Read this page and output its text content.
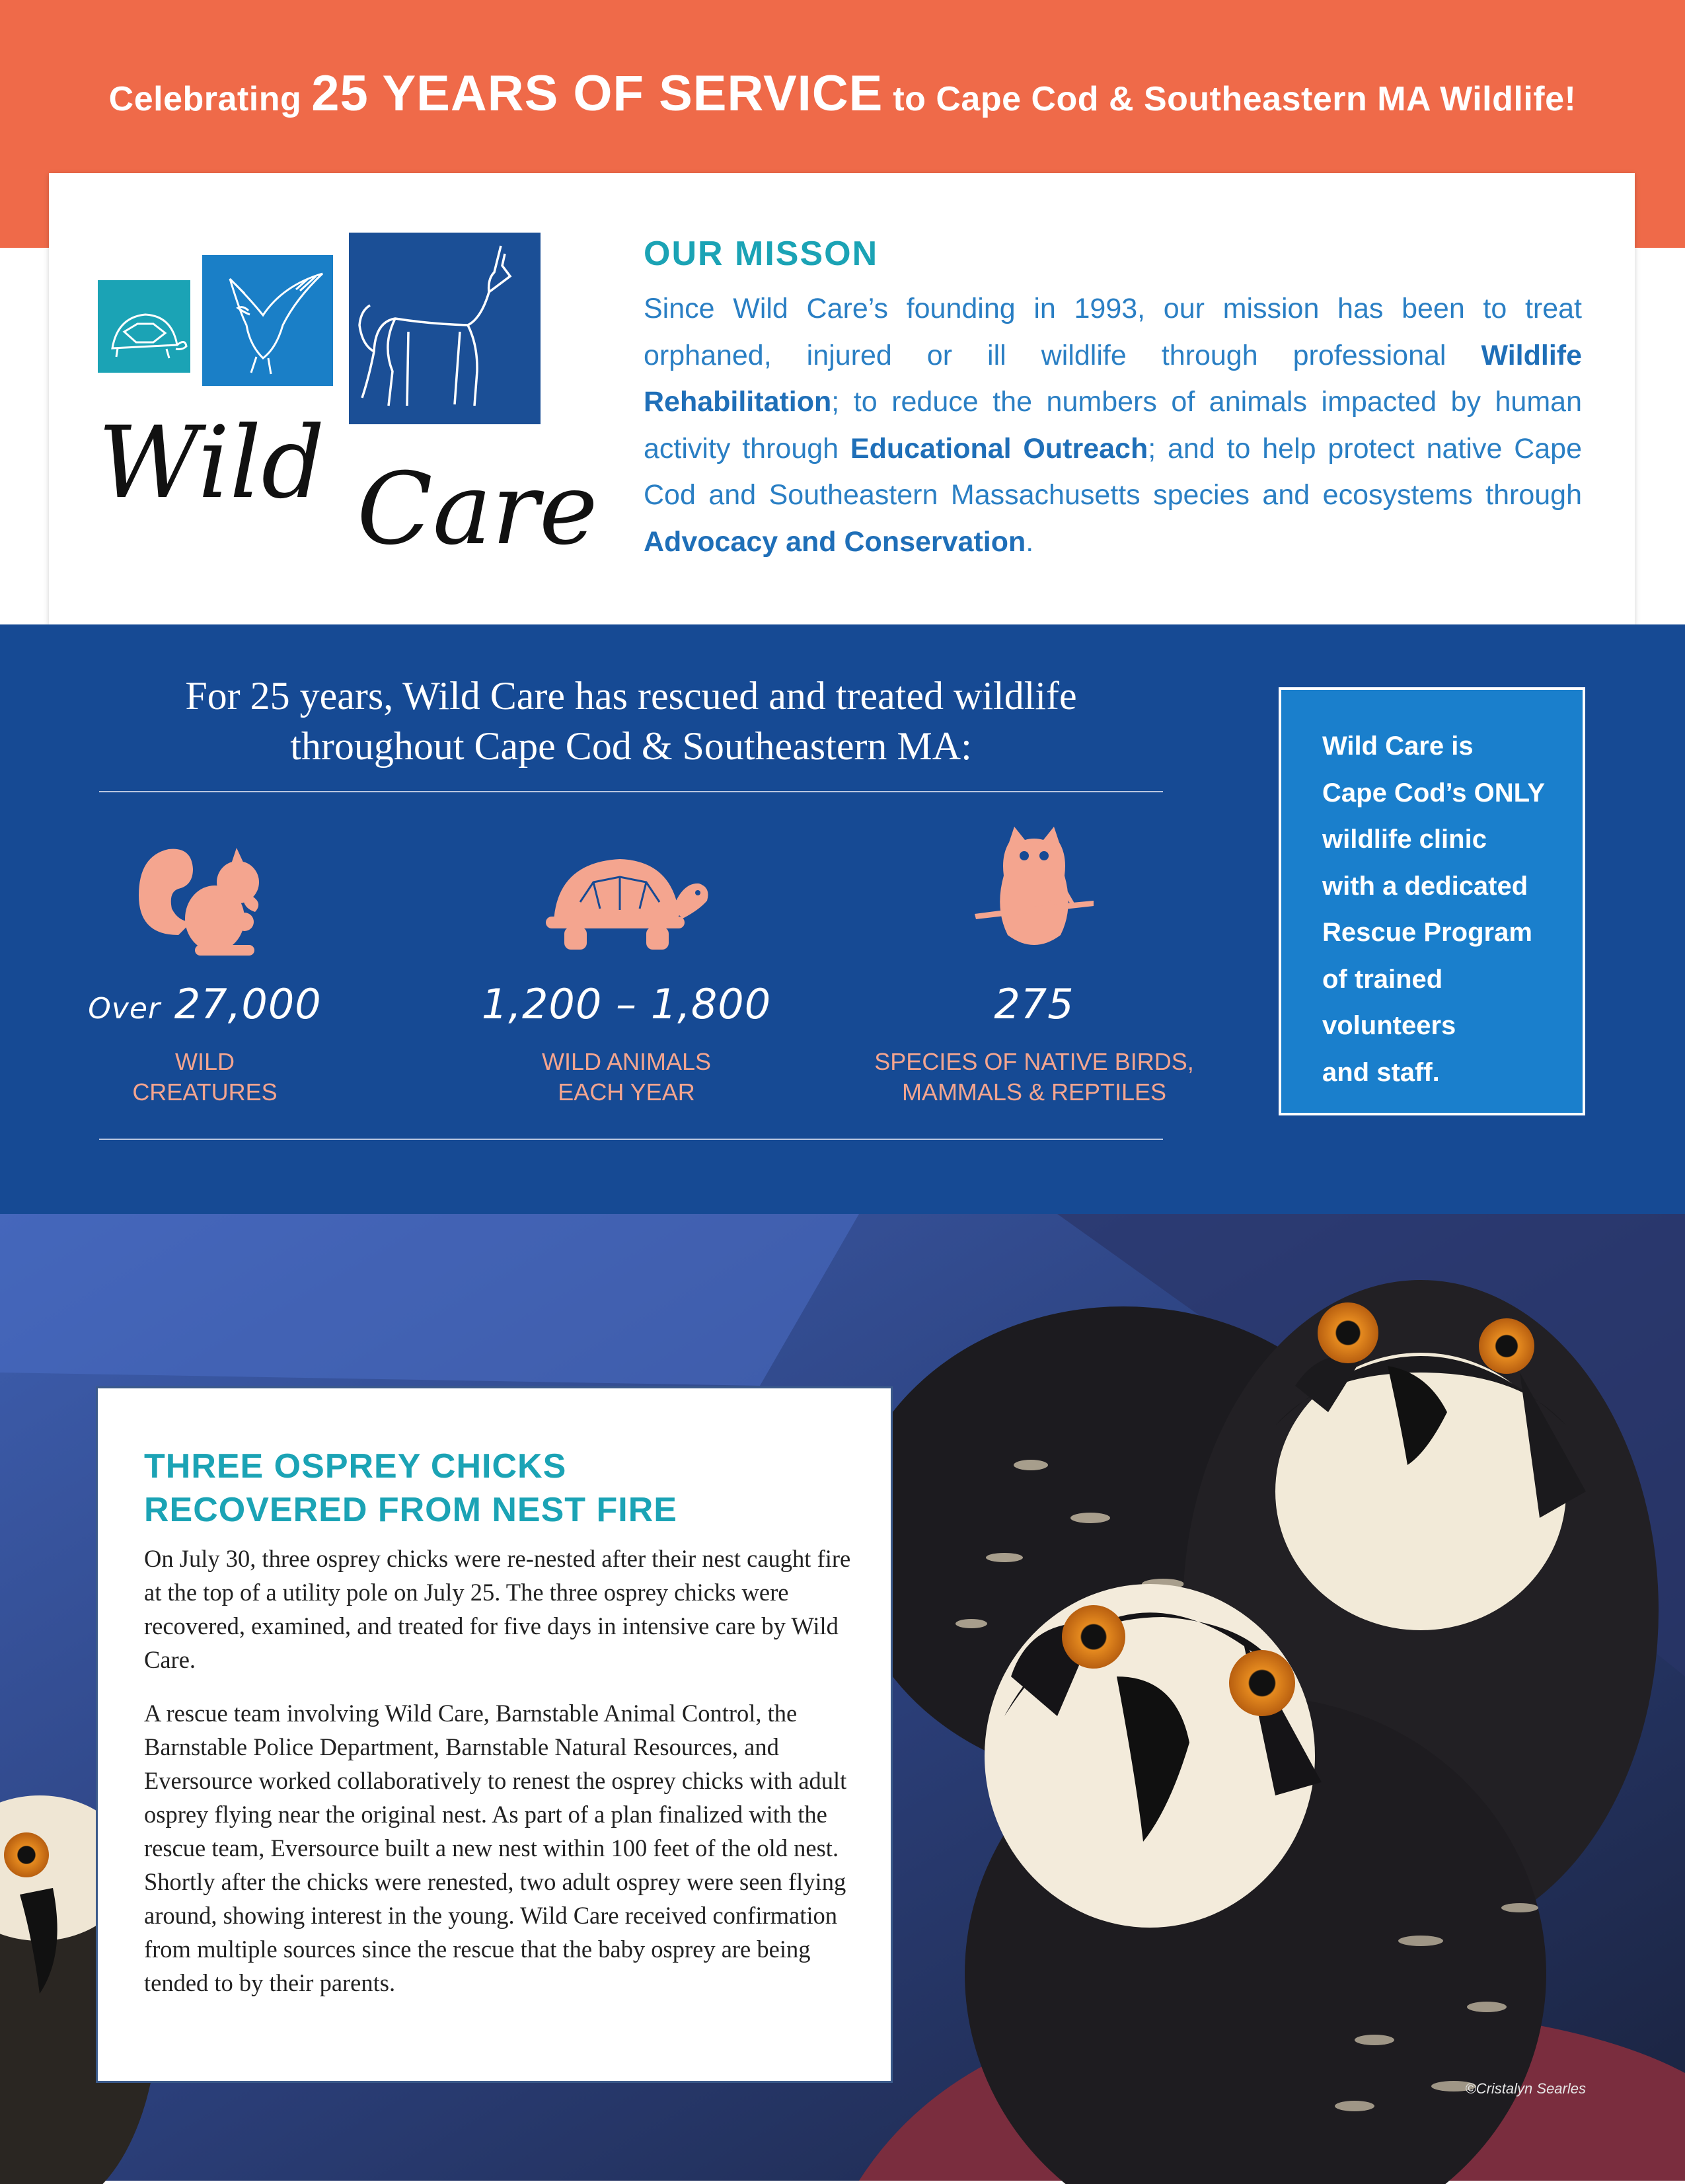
Celebrating 25 YEARS OF SERVICE to Cape Cod & Southeastern MA Wildlife!
Wild Care
OUR MISSON
Since Wild Care’s founding in 1993, our mission has been to treat orphaned, injured or ill wildlife through professional Wildlife Rehabilitation; to reduce the numbers of animals impacted by human activity through Educational Outreach; and to help protect native Cape Cod and Southeastern Massachusetts species and ecosystems through Advocacy and Conservation.
For 25 years, Wild Care has rescued and treated wildlife
throughout Cape Cod & Southeastern MA:
Over 27,000
WILD
CREATURES
1,200 – 1,800
WILD ANIMALS
EACH YEAR
275
SPECIES OF NATIVE BIRDS,
MAMMALS & REPTILES
Wild Care is
Cape Cod’s ONLY
wildlife clinic
with a dedicated
Rescue Program
of trained
volunteers
and staff.
THREE OSPREY CHICKS
RECOVERED FROM NEST FIRE

On July 30, three osprey chicks were re-nested after their nest caught fire at the top of a utility pole on July 25. The three osprey chicks were recovered, examined, and treated for five days in intensive care by Wild Care.

A rescue team involving Wild Care, Barnstable Animal Control, the Barnstable Police Department, Barnstable Natural Resources, and Eversource worked collaboratively to renest the osprey chicks with adult osprey flying near the original nest. As part of a plan finalized with the rescue team, Eversource built a new nest within 100 feet of the old nest. Shortly after the chicks were renested, two adult osprey were seen flying around, showing interest in the young. Wild Care received confirmation from multiple sources since the rescue that the baby osprey are being tended to by their parents.

©Cristalyn Searles
